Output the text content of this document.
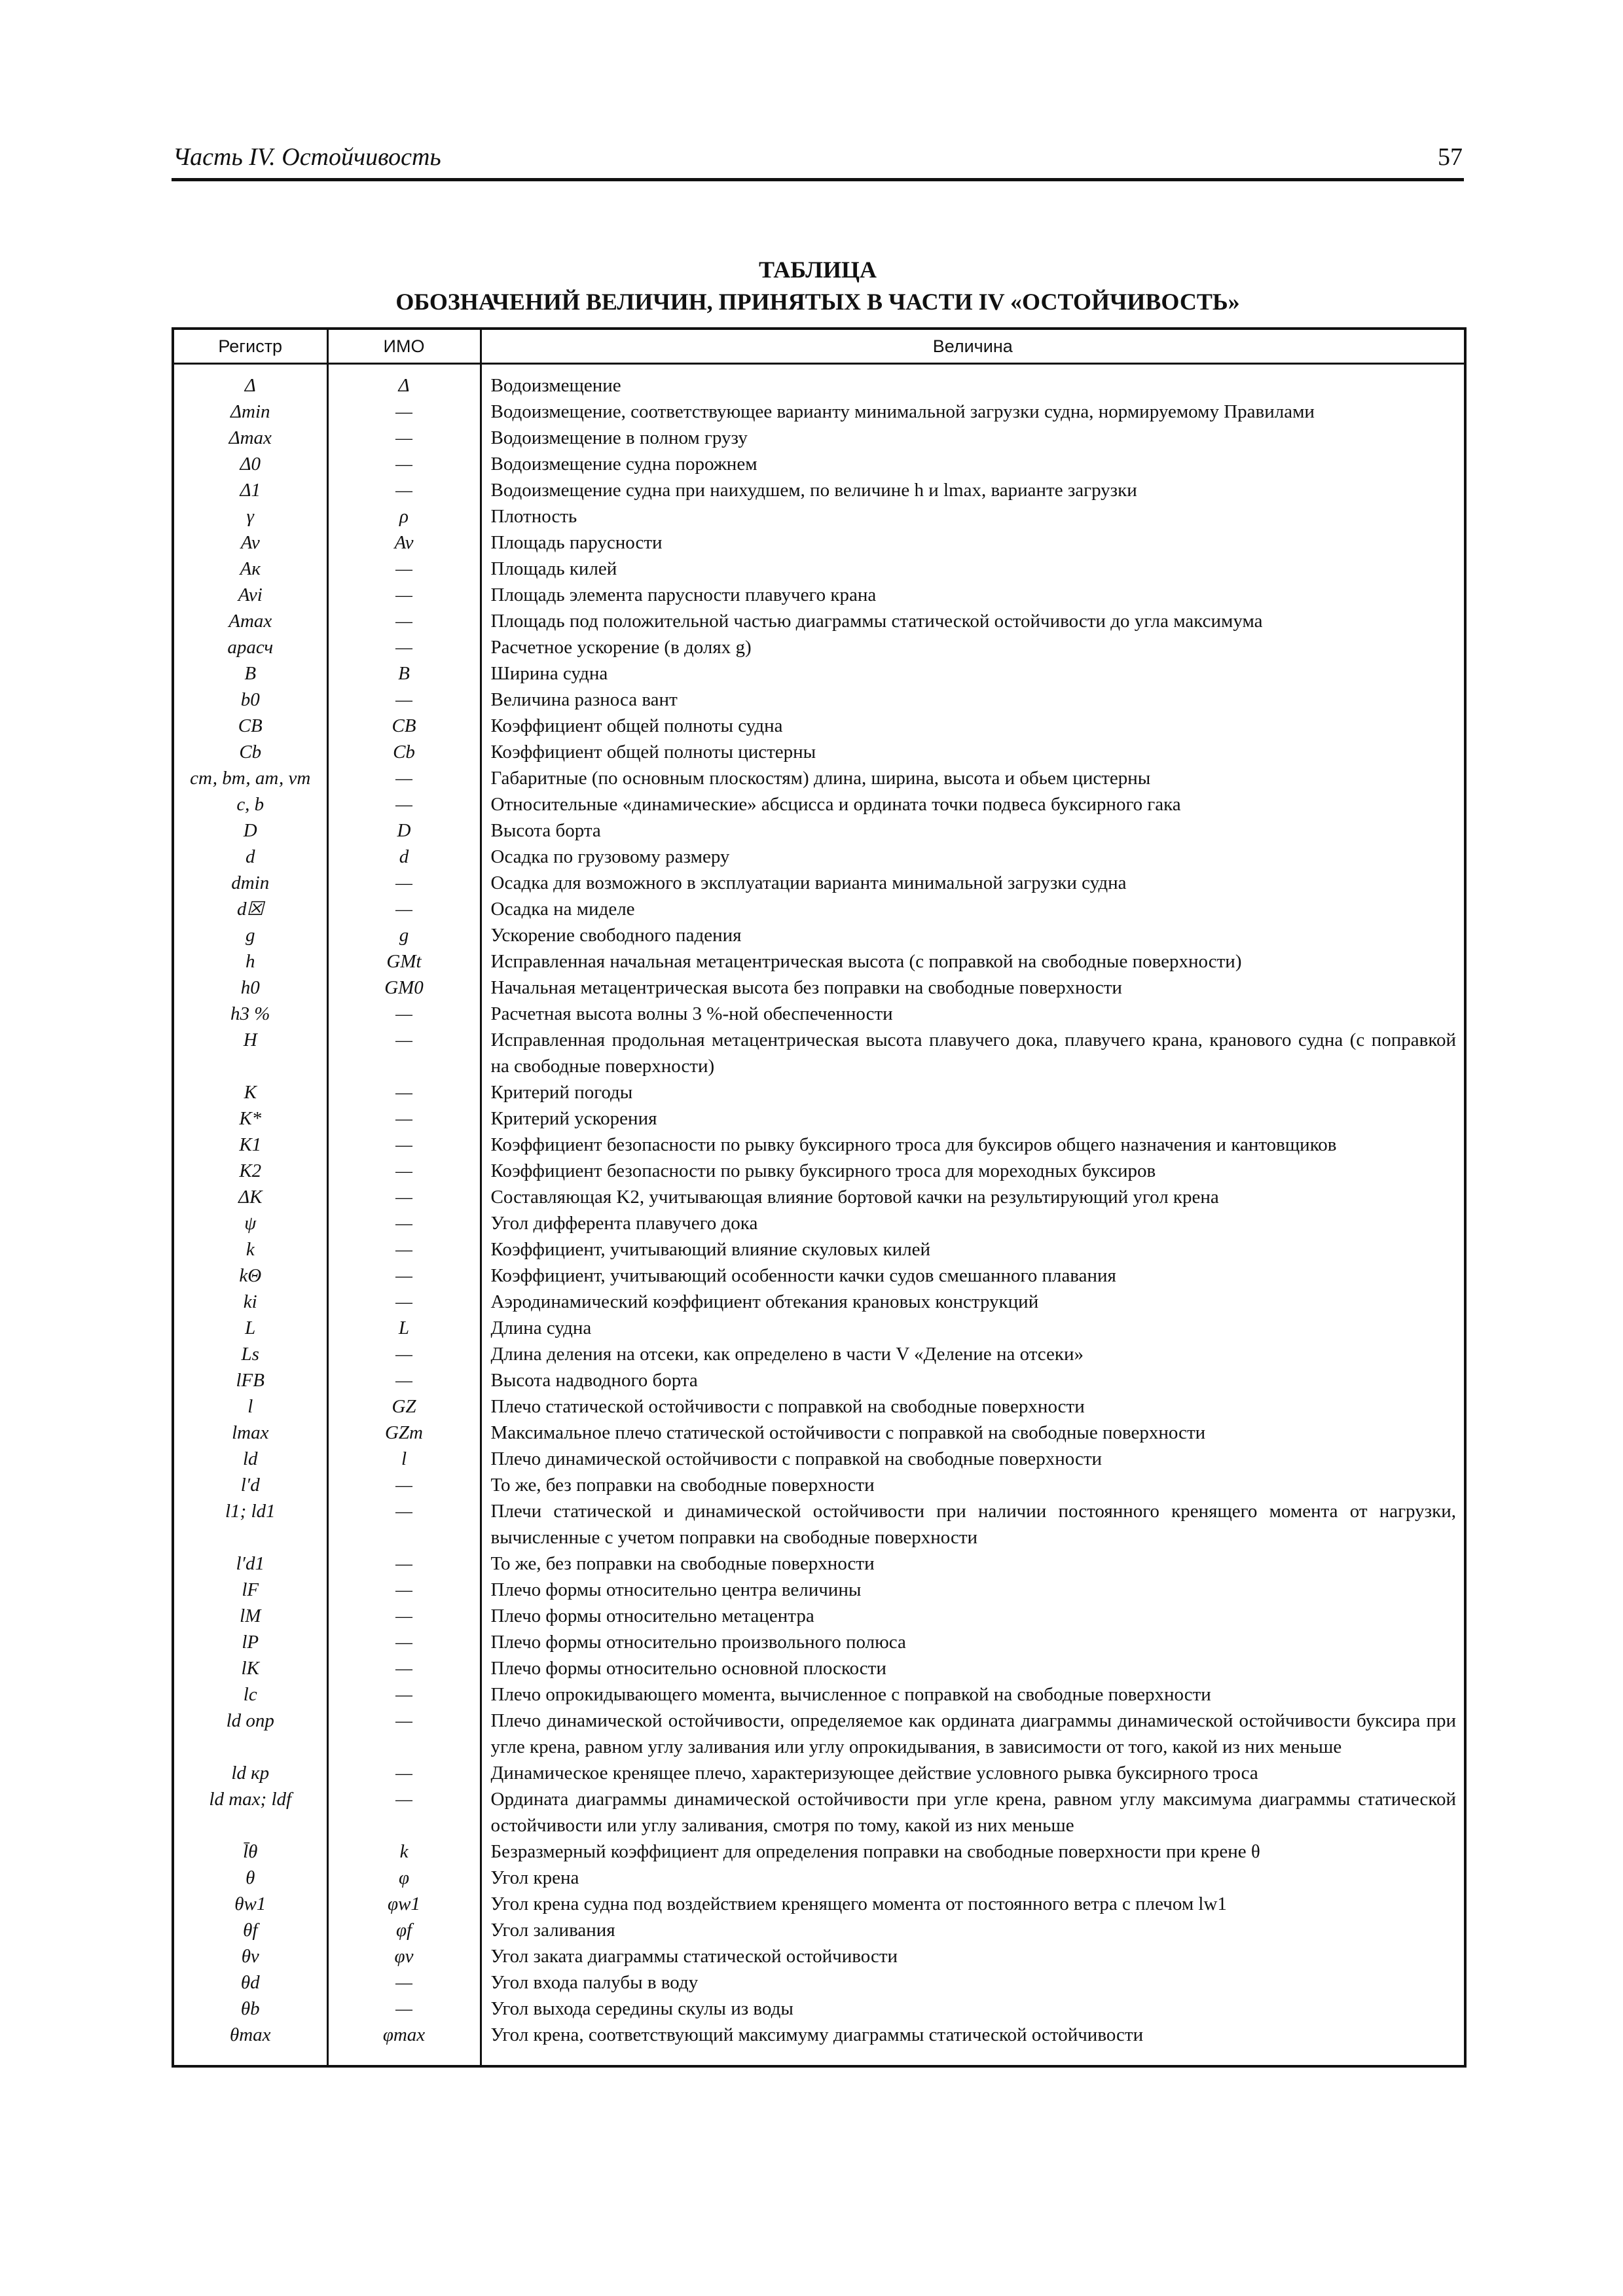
Часть IV. Остойчивость	57
ТАБЛИЦА
ОБОЗНАЧЕНИЙ ВЕЛИЧИН, ПРИНЯТЫХ В ЧАСТИ IV «ОСТОЙЧИВОСТЬ»
Регистр	ИМО	Величина
Δ	Δ	Водоизмещение
Δmin	—	Водоизмещение, соответствующее варианту минимальной загрузки судна, нормируемому Правилами
Δmax	—	Водоизмещение в полном грузу
Δ0	—	Водоизмещение судна порожнем
Δ1	—	Водоизмещение судна при наихудшем, по величине h и lmax, варианте загрузки
γ	ρ	Плотность
Av	Av	Площадь парусности
Aк	—	Площадь килей
Avi	—	Площадь элемента парусности плавучего крана
Amax	—	Площадь под положительной частью диаграммы статической остойчивости до угла максимума
aрасч	—	Расчетное ускорение (в долях g)
B	B	Ширина судна
b0	—	Величина разноса вант
CB	CB	Коэффициент общей полноты судна
Cb	Cb	Коэффициент общей полноты цистерны
cт, bт, aт, vт	—	Габаритные (по основным плоскостям) длина, ширина, высота и обьем цистерны
c, b	—	Относительные «динамические» абсцисса и ордината точки подвеса буксирного гака
D	D	Высота борта
d	d	Осадка по грузовому размеру
dmin	—	Осадка для возможного в эксплуатации варианта минимальной загрузки судна
d☒	—	Осадка на миделе
g	g	Ускорение свободного падения
h	GMt	Исправленная начальная метацентрическая высота (с поправкой на свободные поверхности)
h0	GM0	Начальная метацентрическая высота без поправки на свободные поверхности
h3 %	—	Расчетная высота волны 3 %-ной обеспеченности
H	—	Исправленная продольная метацентрическая высота плавучего дока, плавучего крана, кранового судна (с поправкой на свободные поверхности)
K	—	Критерий погоды
K*	—	Критерий ускорения
K1	—	Коэффициент безопасности по рывку буксирного троса для буксиров общего назначения и кантовщиков
K2	—	Коэффициент безопасности по рывку буксирного троса для мореходных буксиров
ΔK	—	Составляющая K2, учитывающая влияние бортовой качки на результирующий угол крена
ψ	—	Угол дифферента плавучего дока
k	—	Коэффициент, учитывающий влияние скуловых килей
kΘ	—	Коэффициент, учитывающий особенности качки судов смешанного плавания
ki	—	Аэродинамический коэффициент обтекания крановых конструкций
L	L	Длина судна
Ls	—	Длина деления на отсеки, как определено в части V «Деление на отсеки»
lFB	—	Высота надводного борта
l	GZ	Плечо статической остойчивости с поправкой на свободные поверхности
lmax	GZm	Максимальное плечо статической остойчивости с поправкой на свободные поверхности
ld	l	Плечо динамической остойчивости с поправкой на свободные поверхности
l′d	—	То же, без поправки на свободные поверхности
l1; ld1	—	Плечи статической и динамической остойчивости при наличии постоянного кренящего момента от нагрузки, вычисленные с учетом поправки на свободные поверхности
l′d1	—	То же, без поправки на свободные поверхности
lF	—	Плечо формы относительно центра величины
lM	—	Плечо формы относительно метацентра
lP	—	Плечо формы относительно произвольного полюса
lK	—	Плечо формы относительно основной плоскости
lc	—	Плечо опрокидывающего момента, вычисленное с поправкой на свободные поверхности
ld опр	—	Плечо динамической остойчивости, определяемое как ордината диаграммы динамической остойчивости буксира при угле крена, равном углу заливания или углу опрокидывания, в зависимости от того, какой из них меньше
ld кр	—	Динамическое кренящее плечо, характеризующее действие условного рывка буксирного троса
ld max; ldf	—	Ордината диаграммы динамической остойчивости при угле крена, равном углу максимума диаграммы статической остойчивости или углу заливания, смотря по тому, какой из них меньше
l̄θ	k	Безразмерный коэффициент для определения поправки на свободные поверхности при крене θ
θ	φ	Угол крена
θw1	φw1	Угол крена судна под воздействием кренящего момента от постоянного ветра с плечом lw1
θf	φf	Угол заливания
θv	φv	Угол заката диаграммы статической остойчивости
θd	—	Угол входа палубы в воду
θb	—	Угол выхода середины скулы из воды
θmax	φmax	Угол крена, соответствующий максимуму диаграммы статической остойчивости
